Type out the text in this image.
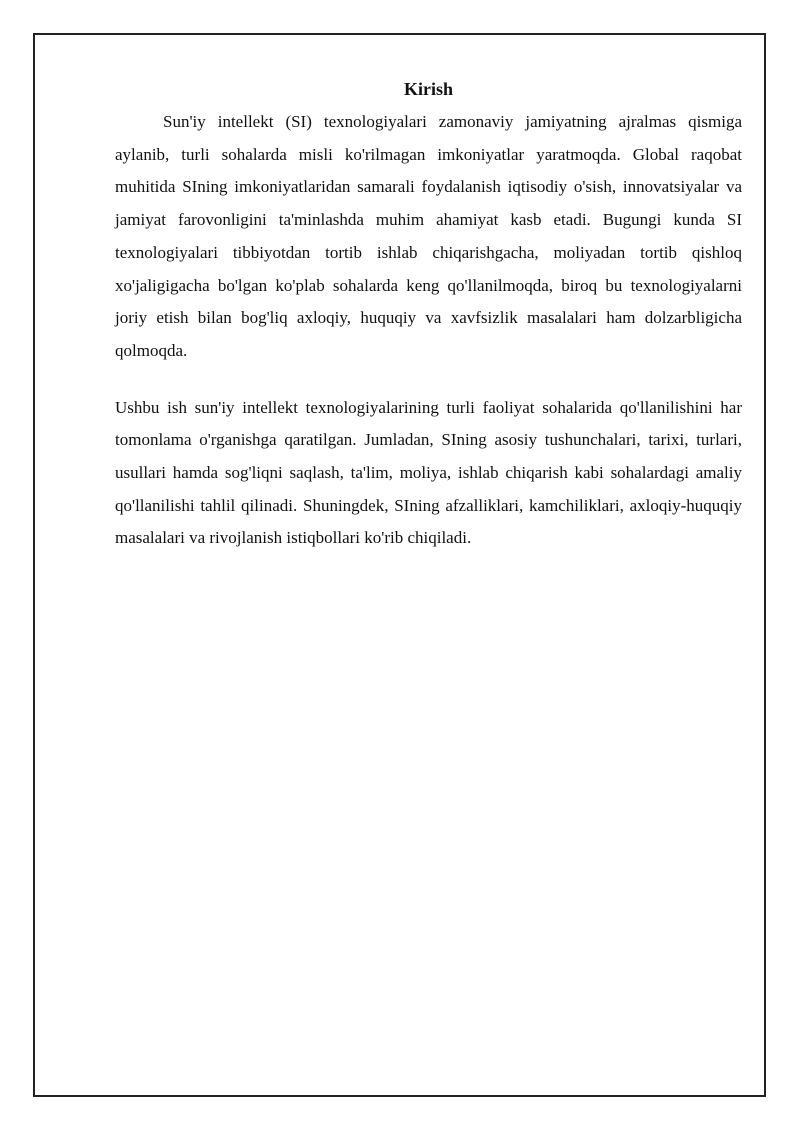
Kirish

Sun'iy intellekt (SI) texnologiyalari zamonaviy jamiyatning ajralmas qismiga aylanib, turli sohalarda misli ko'rilmagan imkoniyatlar yaratmoqda. Global raqobat muhitida SIning imkoniyatlaridan samarali foydalanish iqtisodiy o'sish, innovatsiyalar va jamiyat farovonligini ta'minlashda muhim ahamiyat kasb etadi. Bugungi kunda SI texnologiyalari tibbiyotdan tortib ishlab chiqarishgacha, moliyadan tortib qishloq xo'jaligigacha bo'lgan ko'plab sohalarda keng qo'llanilmoqda, biroq bu texnologiyalarni joriy etish bilan bog'liq axloqiy, huquqiy va xavfsizlik masalalari ham dolzarbligicha qolmoqda.

Ushbu ish sun'iy intellekt texnologiyalarining turli faoliyat sohalarida qo'llanilishini har tomonlama o'rganishga qaratilgan. Jumladan, SIning asosiy tushunchalari, tarixi, turlari, usullari hamda sog'liqni saqlash, ta'lim, moliya, ishlab chiqarish kabi sohalardagi amaliy qo'llanilishi tahlil qilinadi. Shuningdek, SIning afzalliklari, kamchiliklari, axloqiy-huquqiy masalalari va rivojlanish istiqbollari ko'rib chiqiladi.
